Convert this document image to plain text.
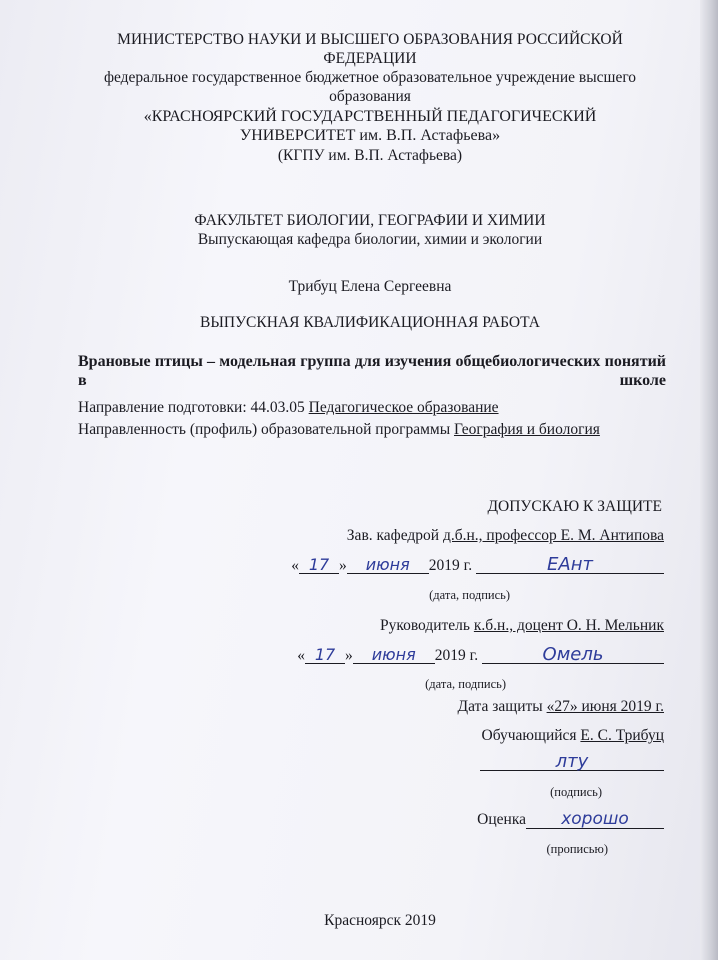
МИНИСТЕРСТВО НАУКИ И ВЫСШЕГО ОБРАЗОВАНИЯ РОССИЙСКОЙ ФЕДЕРАЦИИ
федеральное государственное бюджетное образовательное учреждение высшего образования
«КРАСНОЯРСКИЙ ГОСУДАРСТВЕННЫЙ ПЕДАГОГИЧЕСКИЙ УНИВЕРСИТЕТ им. В.П. Астафьева»
(КГПУ им. В.П. Астафьева)
ФАКУЛЬТЕТ БИОЛОГИИ, ГЕОГРАФИИ И ХИМИИ
Выпускающая кафедра биологии, химии и экологии
Трибуц Елена Сергеевна
ВЫПУСКНАЯ КВАЛИФИКАЦИОННАЯ РАБОТА
Врановые птицы – модельная группа для изучения общебиологических понятий в школе
Направление подготовки: 44.03.05 Педагогическое образование
Направленность (профиль) образовательной программы География и биология
ДОПУСКАЮ К ЗАЩИТЕ
Зав. кафедрой д.б.н., профессор Е. М. Антипова
« 17 » июня 2019 г.	ЕАнт
(дата, подпись)
Руководитель к.б.н., доцент О. Н. Мельник
« 17 » июня 2019 г.	Омель
(дата, подпись)
Дата защиты «27» июня 2019 г.
Обучающийся Е. С. Трибуц
лту
(подпись)
Оценка хорошо
(прописью)
Красноярск 2019
